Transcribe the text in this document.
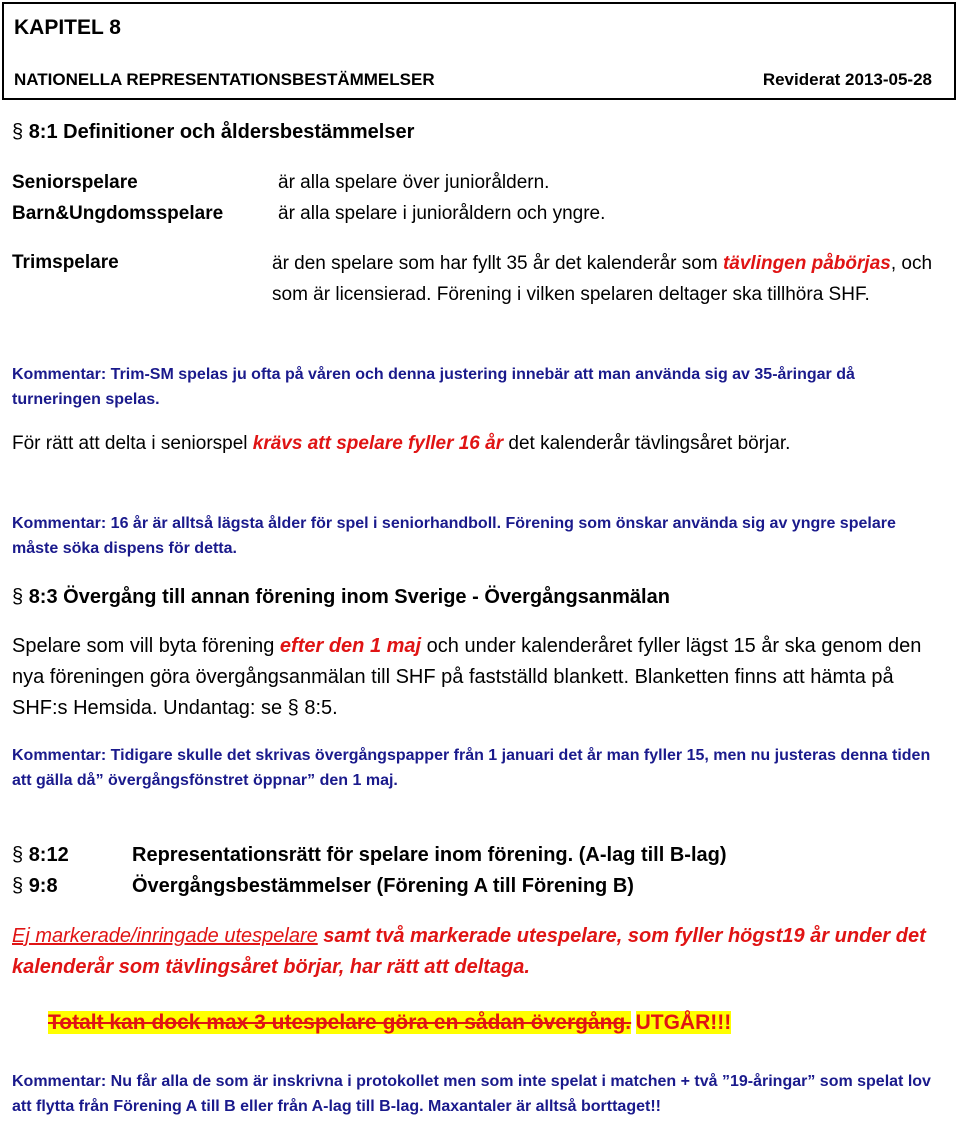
KAPITEL 8
NATIONELLA REPRESENTATIONSBESTÄMMELSER	Reviderat 2013-05-28
§ 8:1 Definitioner och åldersbestämmelser
Seniorspelare	är alla spelare över junioråldern.
Barn&Ungdomsspelare	är alla spelare i junioråldern och yngre.
Trimspelare	är den spelare som har fyllt 35 år det kalenderår som tävlingen påbörjas, och som är licensierad. Förening i vilken spelaren deltager ska tillhöra SHF.
Kommentar: Trim-SM spelas ju ofta på våren och denna justering innebär att man använda sig av 35-åringar då turneringen spelas.
För rätt att delta i seniorspel krävs att spelare fyller 16 år det kalenderår tävlingsåret börjar.
Kommentar: 16 år är alltså lägsta ålder för spel i seniorhandboll. Förening som önskar använda sig av yngre spelare måste söka dispens för detta.
§ 8:3 Övergång till annan förening inom Sverige - Övergångsanmälan
Spelare som vill byta förening efter den 1 maj och under kalenderåret fyller lägst 15 år ska genom den nya föreningen göra övergångsanmälan till SHF på fastställd blankett. Blanketten finns att hämta på SHF:s Hemsida. Undantag: se § 8:5.
Kommentar: Tidigare skulle det skrivas övergångspapper från 1 januari det år man fyller 15, men nu justeras denna tiden att gälla då” övergångsfönstret öppnar” den 1 maj.
§ 8:12	Representationsrätt för spelare inom förening. (A-lag till B-lag)
§ 9:8	Övergångsbestämmelser (Förening A till Förening B)
Ej markerade/inringade utespelare samt två markerade utespelare, som fyller högst19 år under det kalenderår som tävlingsåret börjar, har rätt att deltaga.
Totalt kan dock max 3 utespelare göra en sådan övergång. UTGÅR!!!
Kommentar: Nu får alla de som är inskrivna i protokollet men som inte spelat i matchen + två ”19-åringar” som spelat lov att flytta från Förening A till B eller från A-lag till B-lag. Maxantaler är alltså borttaget!!
